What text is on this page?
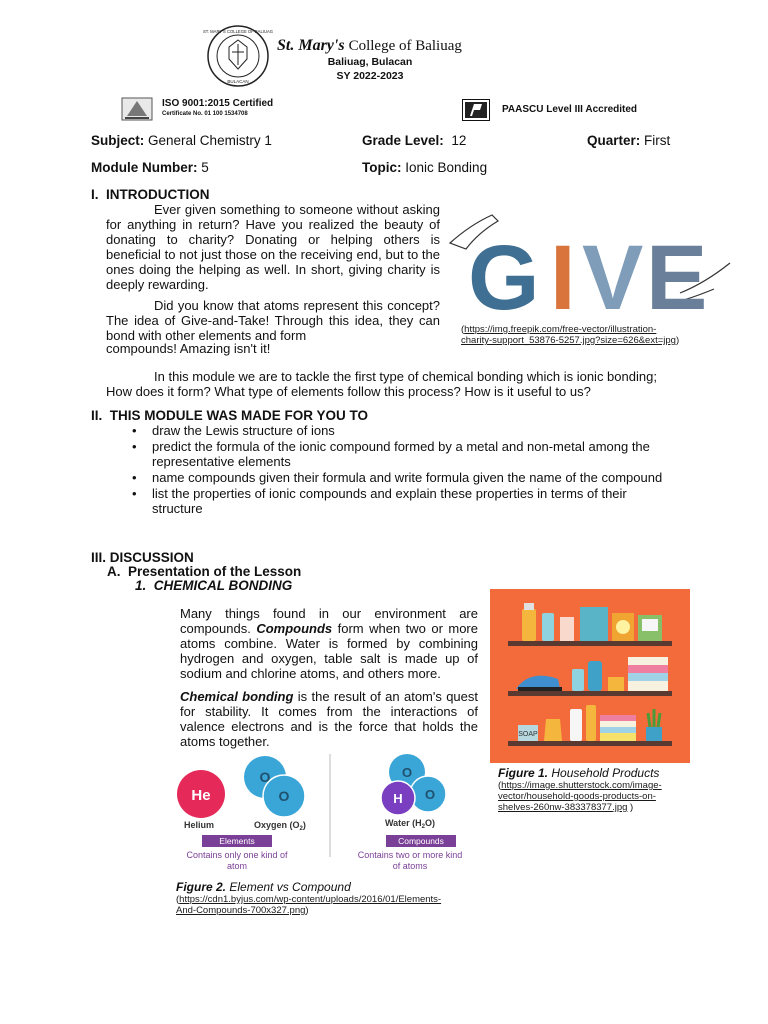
ST. MARY'S COLLEGE OF BALIUAG
BULACAN
St. Mary's College of Baliuag
Baliuag, Bulacan
SY 2022-2023
ISO 9001:2015 Certified
Certificate No. 01 100 1534708	PAASCU Level III Accredited
Subject: General Chemistry 1	Grade Level: 12	Quarter: First
Module Number: 5	Topic: Ionic Bonding
I.  INTRODUCTION

Ever given something to someone without asking for anything in return? Have you realized the beauty of donating to charity? Donating or helping others is beneficial to not just those on the receiving end, but to the ones doing the helping as well. In short, giving charity is deeply rewarding.

Did you know that atoms represent this concept? The idea of Give-and-Take! Through this idea, they can bond with other elements and form

compounds! Amazing isn't it!

G I V E
(https://img.freepik.com/free-vector/illustration-
charity-support_53876-5257.jpg?size=626&ext=jpg)

In this module we are to tackle the first type of chemical bonding which is ionic bonding; How does it form? What type of elements follow this process? How is it useful to us?

II.  THIS MODULE WAS MADE FOR YOU TO
• draw the Lewis structure of ions
• predict the formula of the ionic compound formed by a metal and non-metal among the representative elements
• name compounds given their formula and write formula given the name of the compound
• list the properties of ionic compounds and explain these properties in terms of their structure
III. DISCUSSION
A.  Presentation of the Lesson
1.  CHEMICAL BONDING

Many things found in our environment are compounds. Compounds form when two or more atoms combine. Water is formed by combining hydrogen and oxygen, table salt is made up of sodium and chlorine atoms, and others more.

Chemical bonding is the result of an atom's quest for stability. It comes from the interactions of valence electrons and is the force that holds the atoms together.	SOAP
Figure 1. Household Products
(https://image.shutterstock.com/image-
vector/household-goods-products-on-
shelves-260nw-383378377.jpg )
He
Helium
O
O
Oxygen $(O_2)$
O
O
H
Water $(H_2O)$
Elements
Contains only one kind of
atom
Compounds
Contains two or more kind
of atoms
Figure 2. Element vs Compound
(https://cdn1.byjus.com/wp-content/uploads/2016/01/Elements-
And-Compounds-700x327.png)
